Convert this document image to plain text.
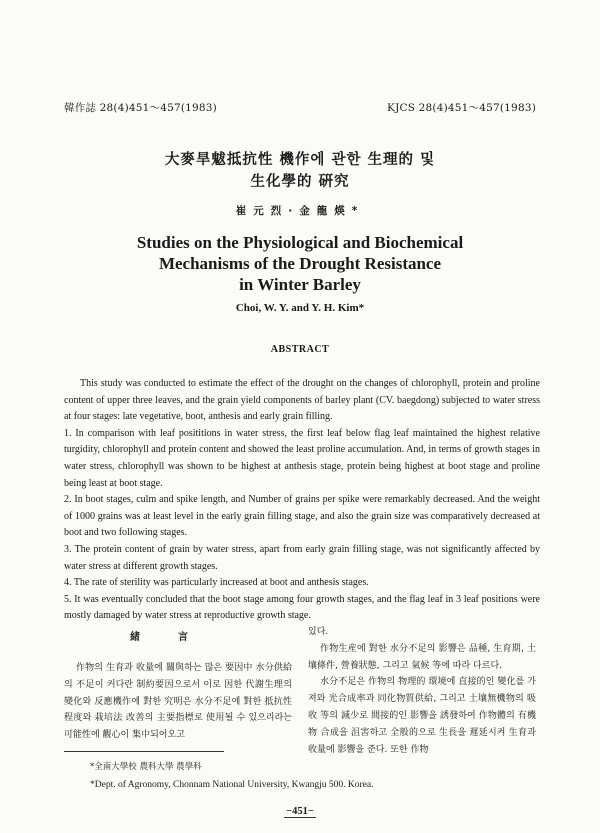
韓作誌 28(4)451〜457(1983)	KJCS 28(4)451〜457(1983)
大麥旱魃抵抗性 機作에 관한 生理的 및
生化學的 硏究
崔元烈·金龍煐*
Studies on the Physiological and Biochemical
Mechanisms of the Drought Resistance
in Winter Barley
Choi, W. Y. and Y. H. Kim*
ABSTRACT

This study was conducted to estimate the effect of the drought on the changes of chlorophyll, protein and proline content of upper three leaves, and the grain yield components of barley plant (CV. baegdong) subjected to water stress at four stages: late vegetative, boot, anthesis and early grain filling.

1. In comparison with leaf posititions in water stress, the first leaf below flag leaf maintained the highest relative turgidity, chlorophyll and protein content and showed the least proline accumulation. And, in terms of growth stages in water stress, chlorophyll was shown to be highest at anthesis stage, protein being highest at boot stage and proline being least at boot stage.

2. In boot stages, culm and spike length, and Number of grains per spike were remarkably decreased. And the weight of 1000 grains was at least level in the early grain filling stage, and also the grain size was comparatively decreased at boot and two following stages.

3. The protein content of grain by water stress, apart from early grain filling stage, was not significantly affected by water stress at different growth stages.

4. The rate of sterility was particularly increased at boot and anthesis stages.

5. It was eventually concluded that the boot stage among four growth stages, and the flag leaf in 3 leaf positions were mostly damaged by water stress at reproductive growth stage.

緒言

作物의 生育과 收量에 關與하는 많은 要因中 水分供給의 不足이 커다란 制約要因으로서 이로 因한 代謝生理의 變化와 反應機作에 對한 究明은 水分不足에 對한 抵抗性程度와 栽培法 改善의 主要指標로 使用될 수 있으리라는 可能性에 觀心이 集中되어오고

있다.

作物生産에 對한 水分不足의 影響은 品種, 生育期, 土壤條件, 營養狀態, 그리고 氣候 等에 따라 다르다.

水分不足은 作物의 物理的 環境에 直接的인 變化를 가져와 光合成率과 同化物質供給, 그리고 土壤無機物의 吸收 等의 減少로 間接的인 影響을 誘發하여 作物體의 有機物 合成을 沮害하고 全般的으로 生長을 遲延시켜 生育과 收量에 影響을 준다. 또한 作物

*全南大學校 農科大學 農學科
*Dept. of Agronomy, Chonnam National University, Kwangju 500. Korea.
−451−
